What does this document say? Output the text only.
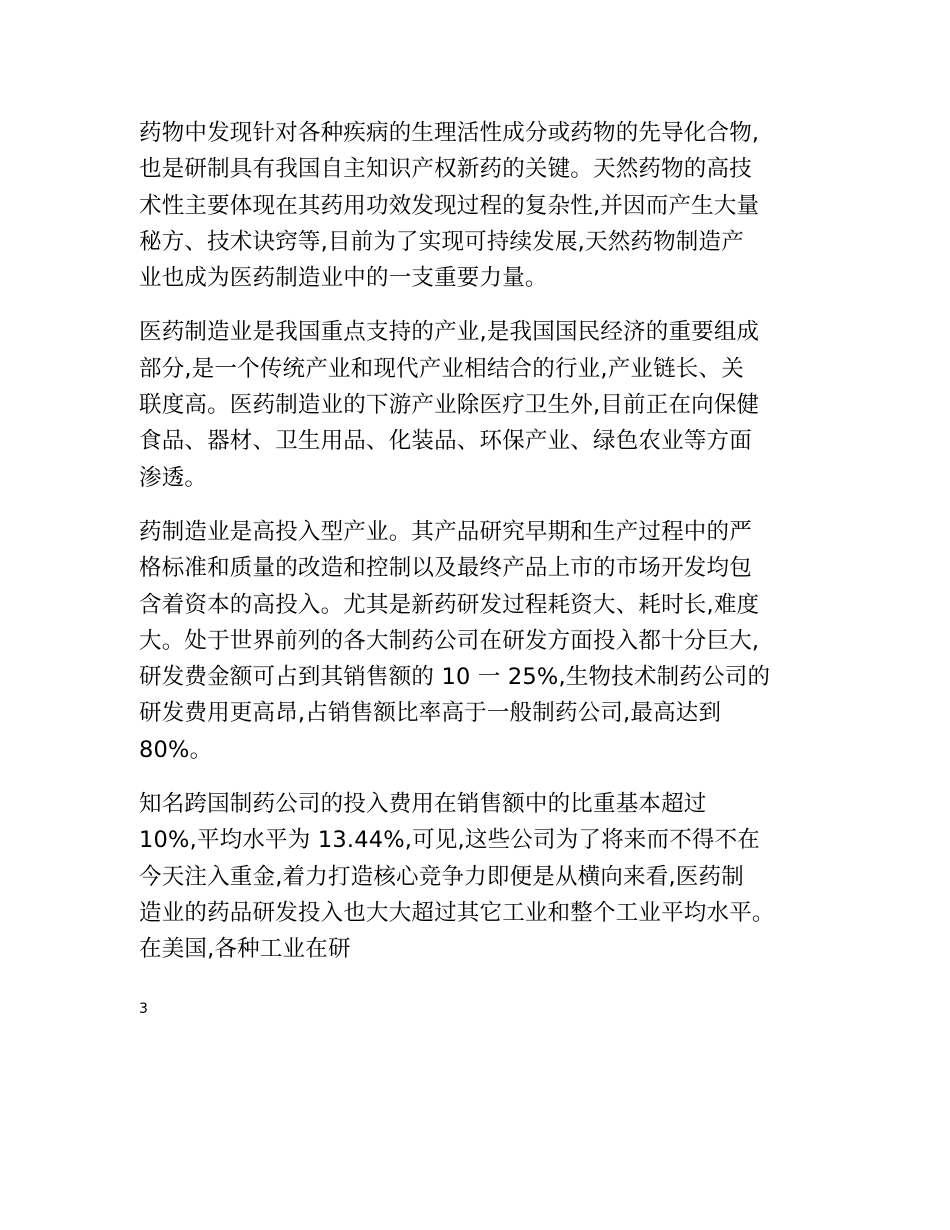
药物中发现针对各种疾病的生理活性成分或药物的先导化合物,
也是研制具有我国自主知识产权新药的关键。天然药物的高技
术性主要体现在其药用功效发现过程的复杂性,并因而产生大量
秘方、技术诀窍等,目前为了实现可持续发展,天然药物制造产
业也成为医药制造业中的一支重要力量。

医药制造业是我国重点支持的产业,是我国国民经济的重要组成
部分,是一个传统产业和现代产业相结合的行业,产业链长、关
联度高。医药制造业的下游产业除医疗卫生外,目前正在向保健
食品、器材、卫生用品、化装品、环保产业、绿色农业等方面
渗透。

药制造业是高投入型产业。其产品研究早期和生产过程中的严
格标准和质量的改造和控制以及最终产品上市的市场开发均包
含着资本的高投入。尤其是新药研发过程耗资大、耗时长,难度
大。处于世界前列的各大制药公司在研发方面投入都十分巨大,
研发费金额可占到其销售额的 10 一 25%,生物技术制药公司的
研发费用更高昂,占销售额比率高于一般制药公司,最高达到
80%。

知名跨国制药公司的投入费用在销售额中的比重基本超过
10%,平均水平为 13.44%,可见,这些公司为了将来而不得不在
今天注入重金,着力打造核心竞争力即便是从横向来看,医药制
造业的药品研发投入也大大超过其它工业和整个工业平均水平。
在美国,各种工业在研

3
